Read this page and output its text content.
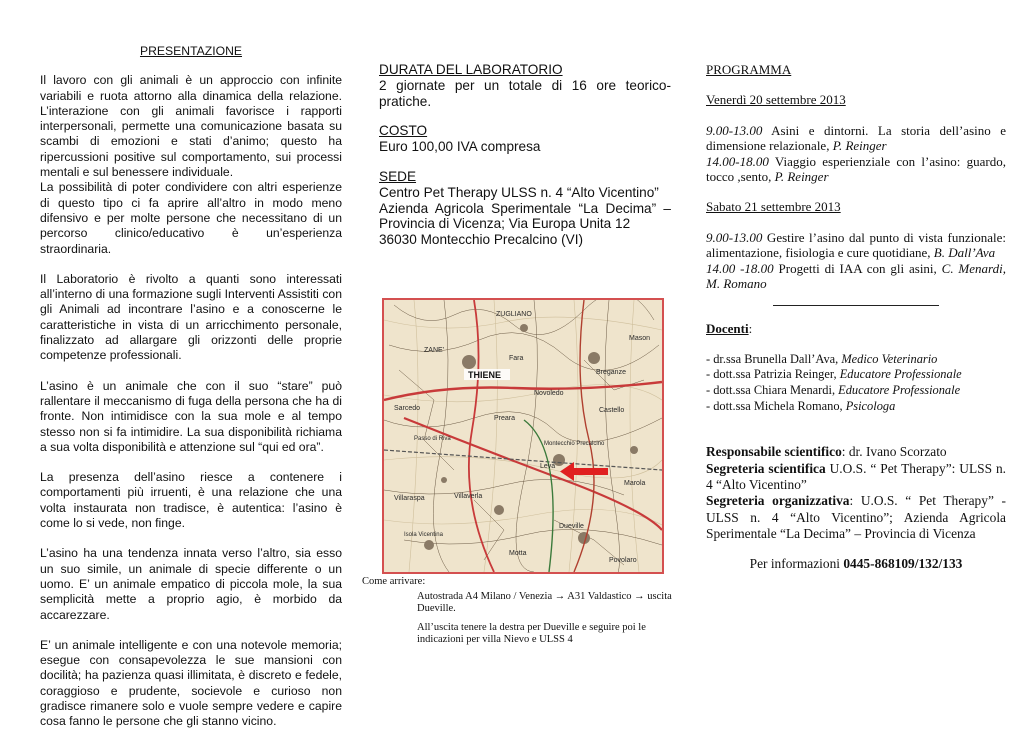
PRESENTAZIONE

Il lavoro con gli animali è un approccio con infinite variabili e ruota attorno alla dinamica della relazione. L’interazione con gli animali favorisce i rapporti interpersonali, permette una comunicazione basata su scambi di emozioni e stati d’animo; questo ha ripercussioni positive sul comportamento, sui processi mentali e sul benessere individuale.

La possibilità di poter condividere con altri esperienze di questo tipo ci fa aprire all’altro in modo meno difensivo e per molte persone che necessitano di un percorso clinico/educativo è un’esperienza straordinaria.

Il Laboratorio è rivolto a quanti sono interessati all’interno di una formazione sugli Interventi Assistiti con gli Animali ad incontrare l’asino e a conoscerne le caratteristiche in vista di un arricchimento personale, finalizzato ad allargare gli orizzonti delle proprie competenze professionali.

L’asino è un animale che con il suo “stare” può rallentare il meccanismo di fuga della persona che ha di fronte. Non intimidisce con la sua mole e al tempo stesso non si fa intimidire. La sua disponibilità richiama a sua volta disponibilità e attenzione sul “qui ed ora”.

La presenza dell’asino riesce a contenere i comportamenti più irruenti, è una relazione che una volta instaurata non tradisce, è autentica: l’asino è come lo si vede, non finge.

L’asino ha una tendenza innata verso l’altro, sia esso un suo simile, un animale di specie differente o un uomo. E’ un animale empatico di piccola mole, la sua semplicità mette a proprio agio, è morbido da accarezzare.

E’ un animale intelligente e con una notevole memoria; esegue con consapevolezza le sue mansioni con docilità; ha pazienza quasi illimitata, è discreto e fedele, coraggioso e prudente, socievole e curioso non gradisce rimanere solo e vuole sempre vedere e capire cosa fanno le persone che gli stanno vicino.

DURATA DEL LABORATORIO
2 giornate per un totale di 16 ore teorico-pratiche.
COSTO
Euro 100,00 IVA compresa
SEDE
Centro Pet Therapy ULSS n. 4 “Alto Vicentino”
Azienda Agricola Sperimentale “La Decima” – Provincia di Vicenza; Via Europa Unita 12
36030 Montecchio Precalcino (VI)
ZUGLIANO
ZANE'
Breganze
Montecchio Precalcino
Levà
Villaverla
Dueville
Isola Vicentina
Sarcedo
Fara
Mason
Castello
Novoledo
Passo di Riva
Marola
Preara
Villaraspa
Motta
Povolaro
THIENE
Come arrivare:

Autostrada A4 Milano / Venezia → A31 Valdastico → uscita Dueville.

All’uscita tenere la destra per Dueville e seguire poi le indicazioni per villa Nievo e ULSS 4

PROGRAMMA
Venerdì 20 settembre 2013

9.00-13.00 Asini e dintorni. La storia dell’asino e dimensione relazionale, P. Reinger

14.00-18.00 Viaggio esperienziale con l’asino: guardo, tocco ,sento, P. Reinger

Sabato 21 settembre 2013

9.00-13.00 Gestire l’asino dal punto di vista funzionale: alimentazione, fisiologia e cure quotidiane, B. Dall’Ava

14.00 -18.00 Progetti di IAA con gli asini, C. Menardi, M. Romano

Docenti:
- dr.ssa Brunella Dall’Ava, Medico Veterinario
- dott.ssa Patrizia Reinger, Educatore Professionale
- dott.ssa Chiara Menardi, Educatore Professionale
- dott.ssa Michela Romano, Psicologa

Responsabile scientifico: dr. Ivano Scorzato

Segreteria scientifica U.O.S. “ Pet Therapy”: ULSS n. 4 “Alto Vicentino”

Segreteria organizzativa: U.O.S. “ Pet Therapy” - ULSS n. 4 “Alto Vicentino”; Azienda Agricola Sperimentale “La Decima” – Provincia di Vicenza

Per informazioni 0445-868109/132/133
